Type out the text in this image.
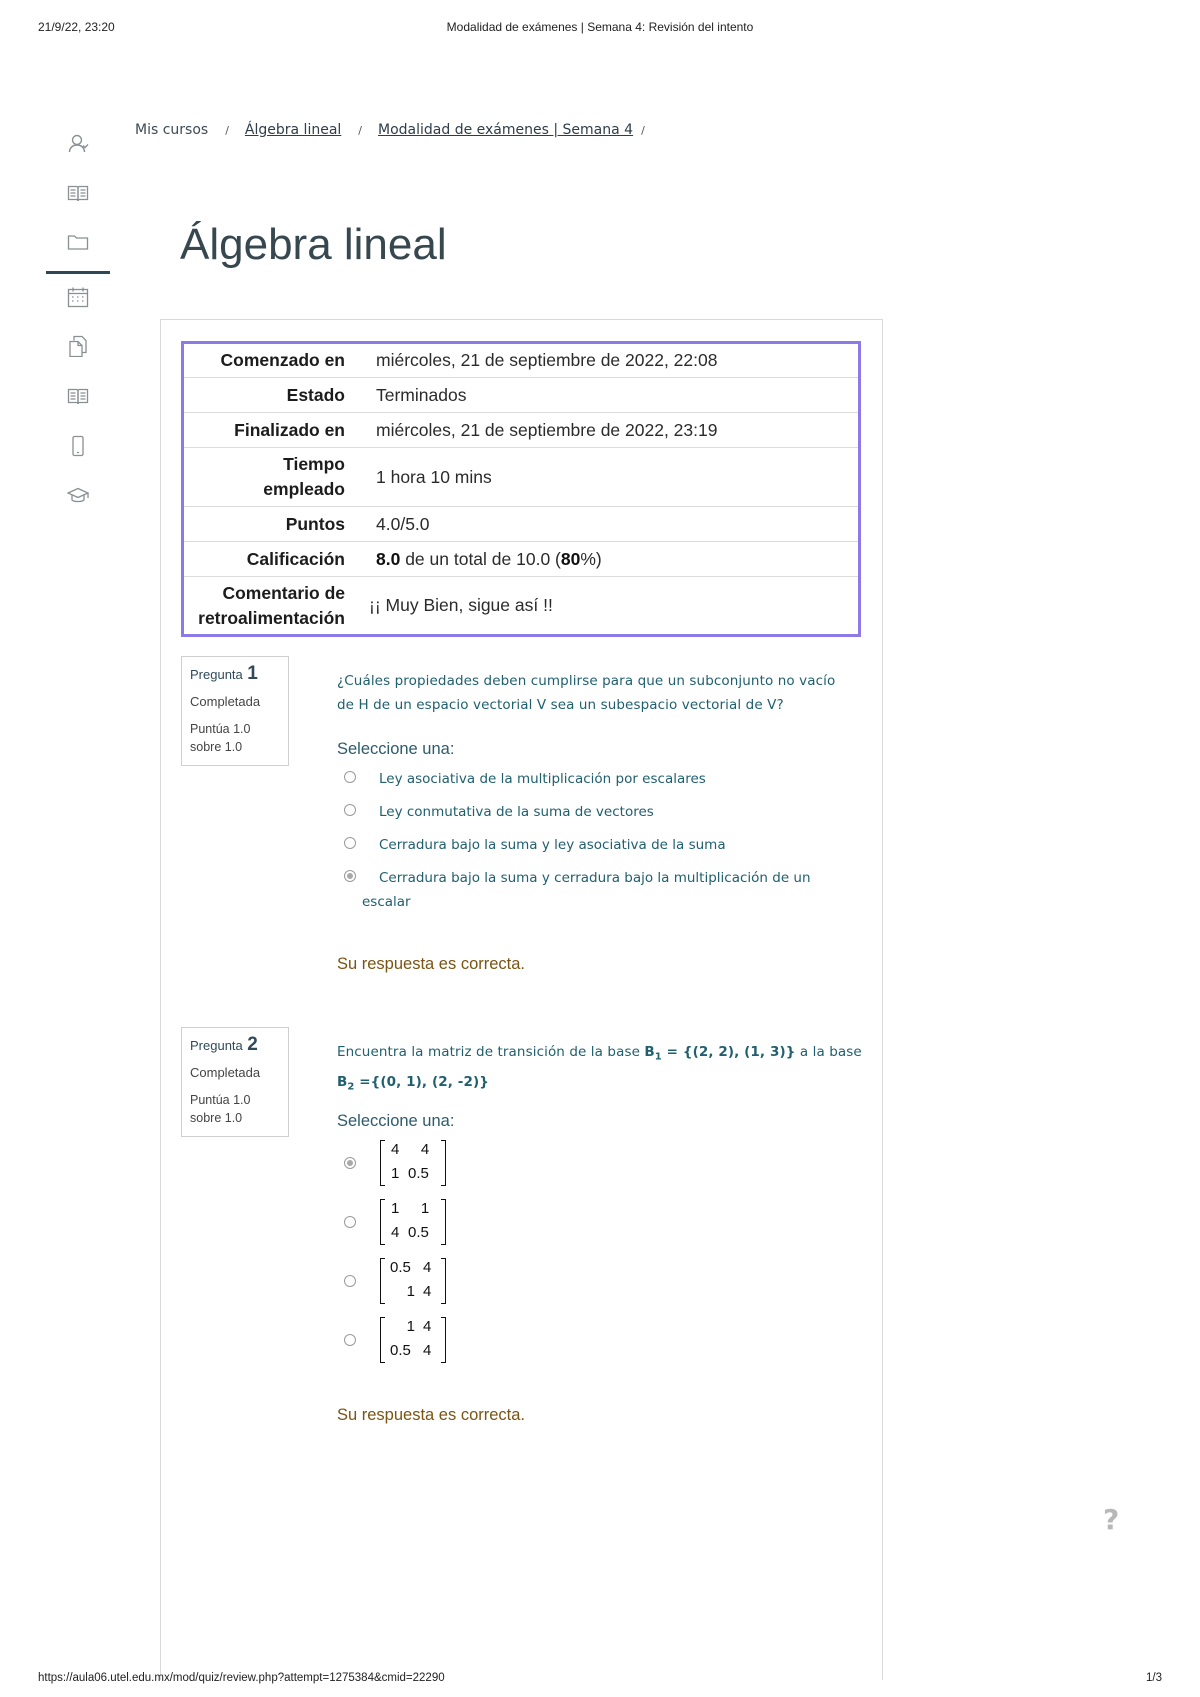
21/9/22, 23:20	Modalidad de exámenes | Semana 4: Revisión del intento
Mis cursos / Álgebra lineal / Modalidad de exámenes | Semana 4 /
Álgebra lineal
Comenzado en	miércoles, 21 de septiembre de 2022, 22:08
Estado	Terminados
Finalizado en	miércoles, 21 de septiembre de 2022, 23:19
Tiempo
empleado	1 hora 10 mins
Puntos	4.0/5.0
Calificación	8.0 de un total de 10.0 (80%)
Comentario de
retroalimentación	¡¡ Muy Bien, sigue así !!
Pregunta 1
Completada
Puntúa 1.0
sobre 1.0
¿Cuáles propiedades deben cumplirse para que un subconjunto no vacío de H de un espacio vectorial V sea un subespacio vectorial de V?
Seleccione una:
Ley asociativa de la multiplicación por escalares
Ley conmutativa de la suma de vectores
Cerradura bajo la suma y ley asociativa de la suma
Cerradura bajo la suma y cerradura bajo la multiplicación de un escalar
Su respuesta es correcta.
Pregunta 2
Completada
Puntúa 1.0
sobre 1.0
Encuentra la matriz de transición de la base $B_1 = \{(2$, 2), (1, 3)} a la base $B_2 =\{(0$, 1), (2, -2)}
Seleccione una:
4	4
1 0.5
1	1
4 0.5
0.5 4
1 4
1 4
0.5 4
Su respuesta es correcta.
?
https://aula06.utel.edu.mx/mod/quiz/review.php?attempt=1275384&cmid=22290	1/3
